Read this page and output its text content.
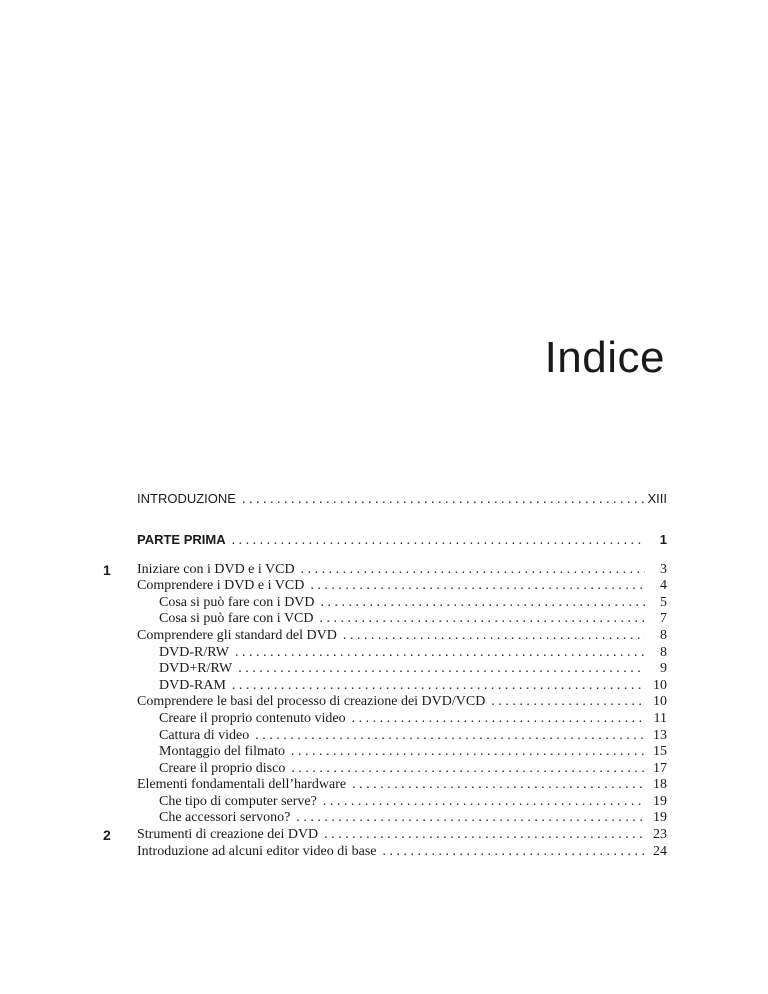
Indice
INTRODUZIONE . . .	XIII
PARTE PRIMA . . .	1
1 Iniziare con i DVD e i VCD . . .	3
Comprendere i DVD e i VCD . . .	4
Cosa si può fare con i DVD . . .	5
Cosa si può fare con i VCD . . .	7
Comprendere gli standard del DVD . . .	8
DVD-R/RW . . .	8
DVD+R/RW . . .	9
DVD-RAM . . .	10
Comprendere le basi del processo di creazione dei DVD/VCD . . .	10
Creare il proprio contenuto video . . .	11
Cattura di video . . .	13
Montaggio del filmato . . .	15
Creare il proprio disco . . .	17
Elementi fondamentali dell’hardware . . .	18
Che tipo di computer serve? . . .	19
Che accessori servono? . . .	19
2 Strumenti di creazione dei DVD . . .	23
Introduzione ad alcuni editor video di base . . .	24
